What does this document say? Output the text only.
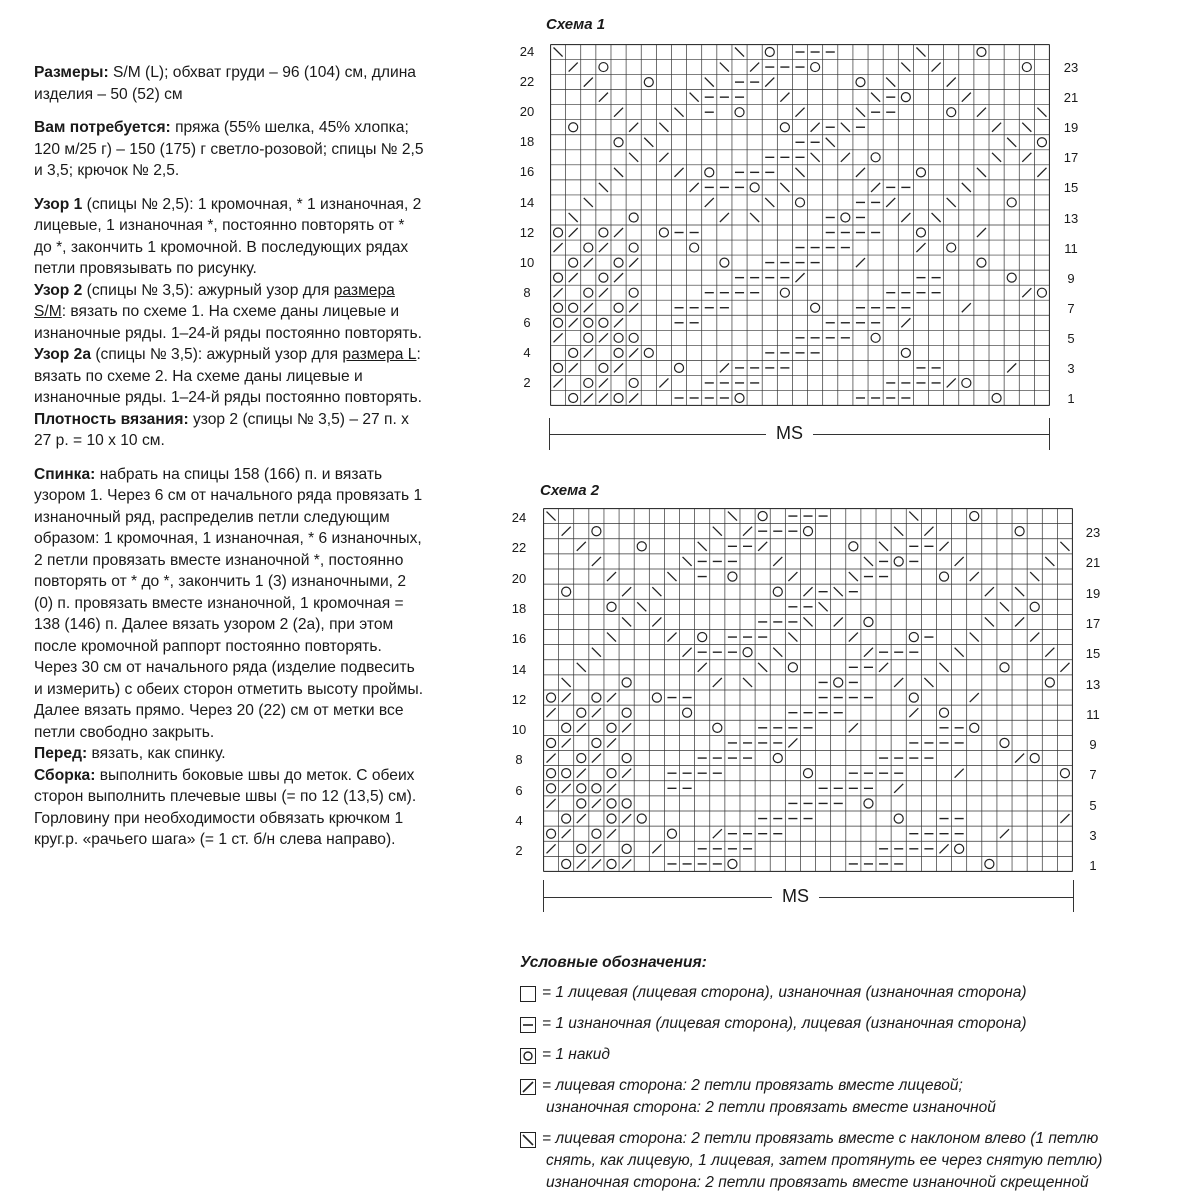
Размеры: S/M (L); обхват груди – 96 (104) см, длина изделия – 50 (52) см

Вам потребуется: пряжа (55% шелка, 45% хлопка; 120 м/25 г) – 150 (175) г светло-розовой; спицы № 2,5 и 3,5; крючок № 2,5.

Узор 1 (спицы № 2,5): 1 кромочная, * 1 изнаночная, 2 лицевые, 1 изнаночная *, постоянно повторять от * до *, закончить 1 кромочной. В последующих рядах петли провязывать по рисунку.

Узор 2 (спицы № 3,5): ажурный узор для размера S/M: вязать по схеме 1. На схеме даны лицевые и изнаночные ряды. 1–24-й ряды постоянно повторять.

Узор 2а (спицы № 3,5): ажурный узор для размера L: вязать по схеме 2. На схеме даны лицевые и изнаночные ряды. 1–24-й ряды постоянно повторять.

Плотность вязания: узор 2 (спицы № 3,5) – 27 п. х 27 р. = 10 х 10 см.

Спинка: набрать на спицы 158 (166) п. и вязать узором 1. Через 6 см от начального ряда провязать 1 изнаночный ряд, распределив петли следующим образом: 1 кромочная, 1 изнаночная, * 6 изнаночных, 2 петли провязать вместе изнаночной *, постоянно повторять от * до *, закончить 1 (3) изнаночными, 2 (0) п. провязать вместе изнаночной, 1 кромочная = 138 (146) п. Далее вязать узором 2 (2а), при этом после кромочной раппорт постоянно повторять. Через 30 см от начального ряда (изделие подвесить и измерить) с обеих сторон отметить высоту проймы. Далее вязать прямо. Через 20 (22) см от метки все петли свободно закрыть.

Перед: вязать, как спинку.

Сборка: выполнить боковые швы до меток. С обеих сторон выполнить плечевые швы (= по 12 (13,5) см). Горловину при необходимости обвязать крючком 1 круг.р. «рачьего шага» (= 1 ст. б/н слева направо).

Схема 1
24
22
20
18
16
14
12
10
8
6
4
2
23
21
19
17
15
13
11
9
7
5
3
1
MS
Схема 2
24
22
20
18
16
14
12
10
8
6
4
2
23
21
19
17
15
13
11
9
7
5
3
1
MS
Условные обозначения:
= 1 лицевая (лицевая сторона), изнаночная (изнаночная сторона)
= 1 изнаночная (лицевая сторона), лицевая (изнаночная сторона)
= 1 накид
= лицевая сторона: 2 петли провязать вместе лицевой;
изнаночная сторона: 2 петли провязать вместе изнаночной
= лицевая сторона: 2 петли провязать вместе с наклоном влево (1 петлю
снять, как лицевую, 1 лицевая, затем протянуть ее через снятую петлю)
изнаночная сторона: 2 петли провязать вместе изнаночной скрещенной
